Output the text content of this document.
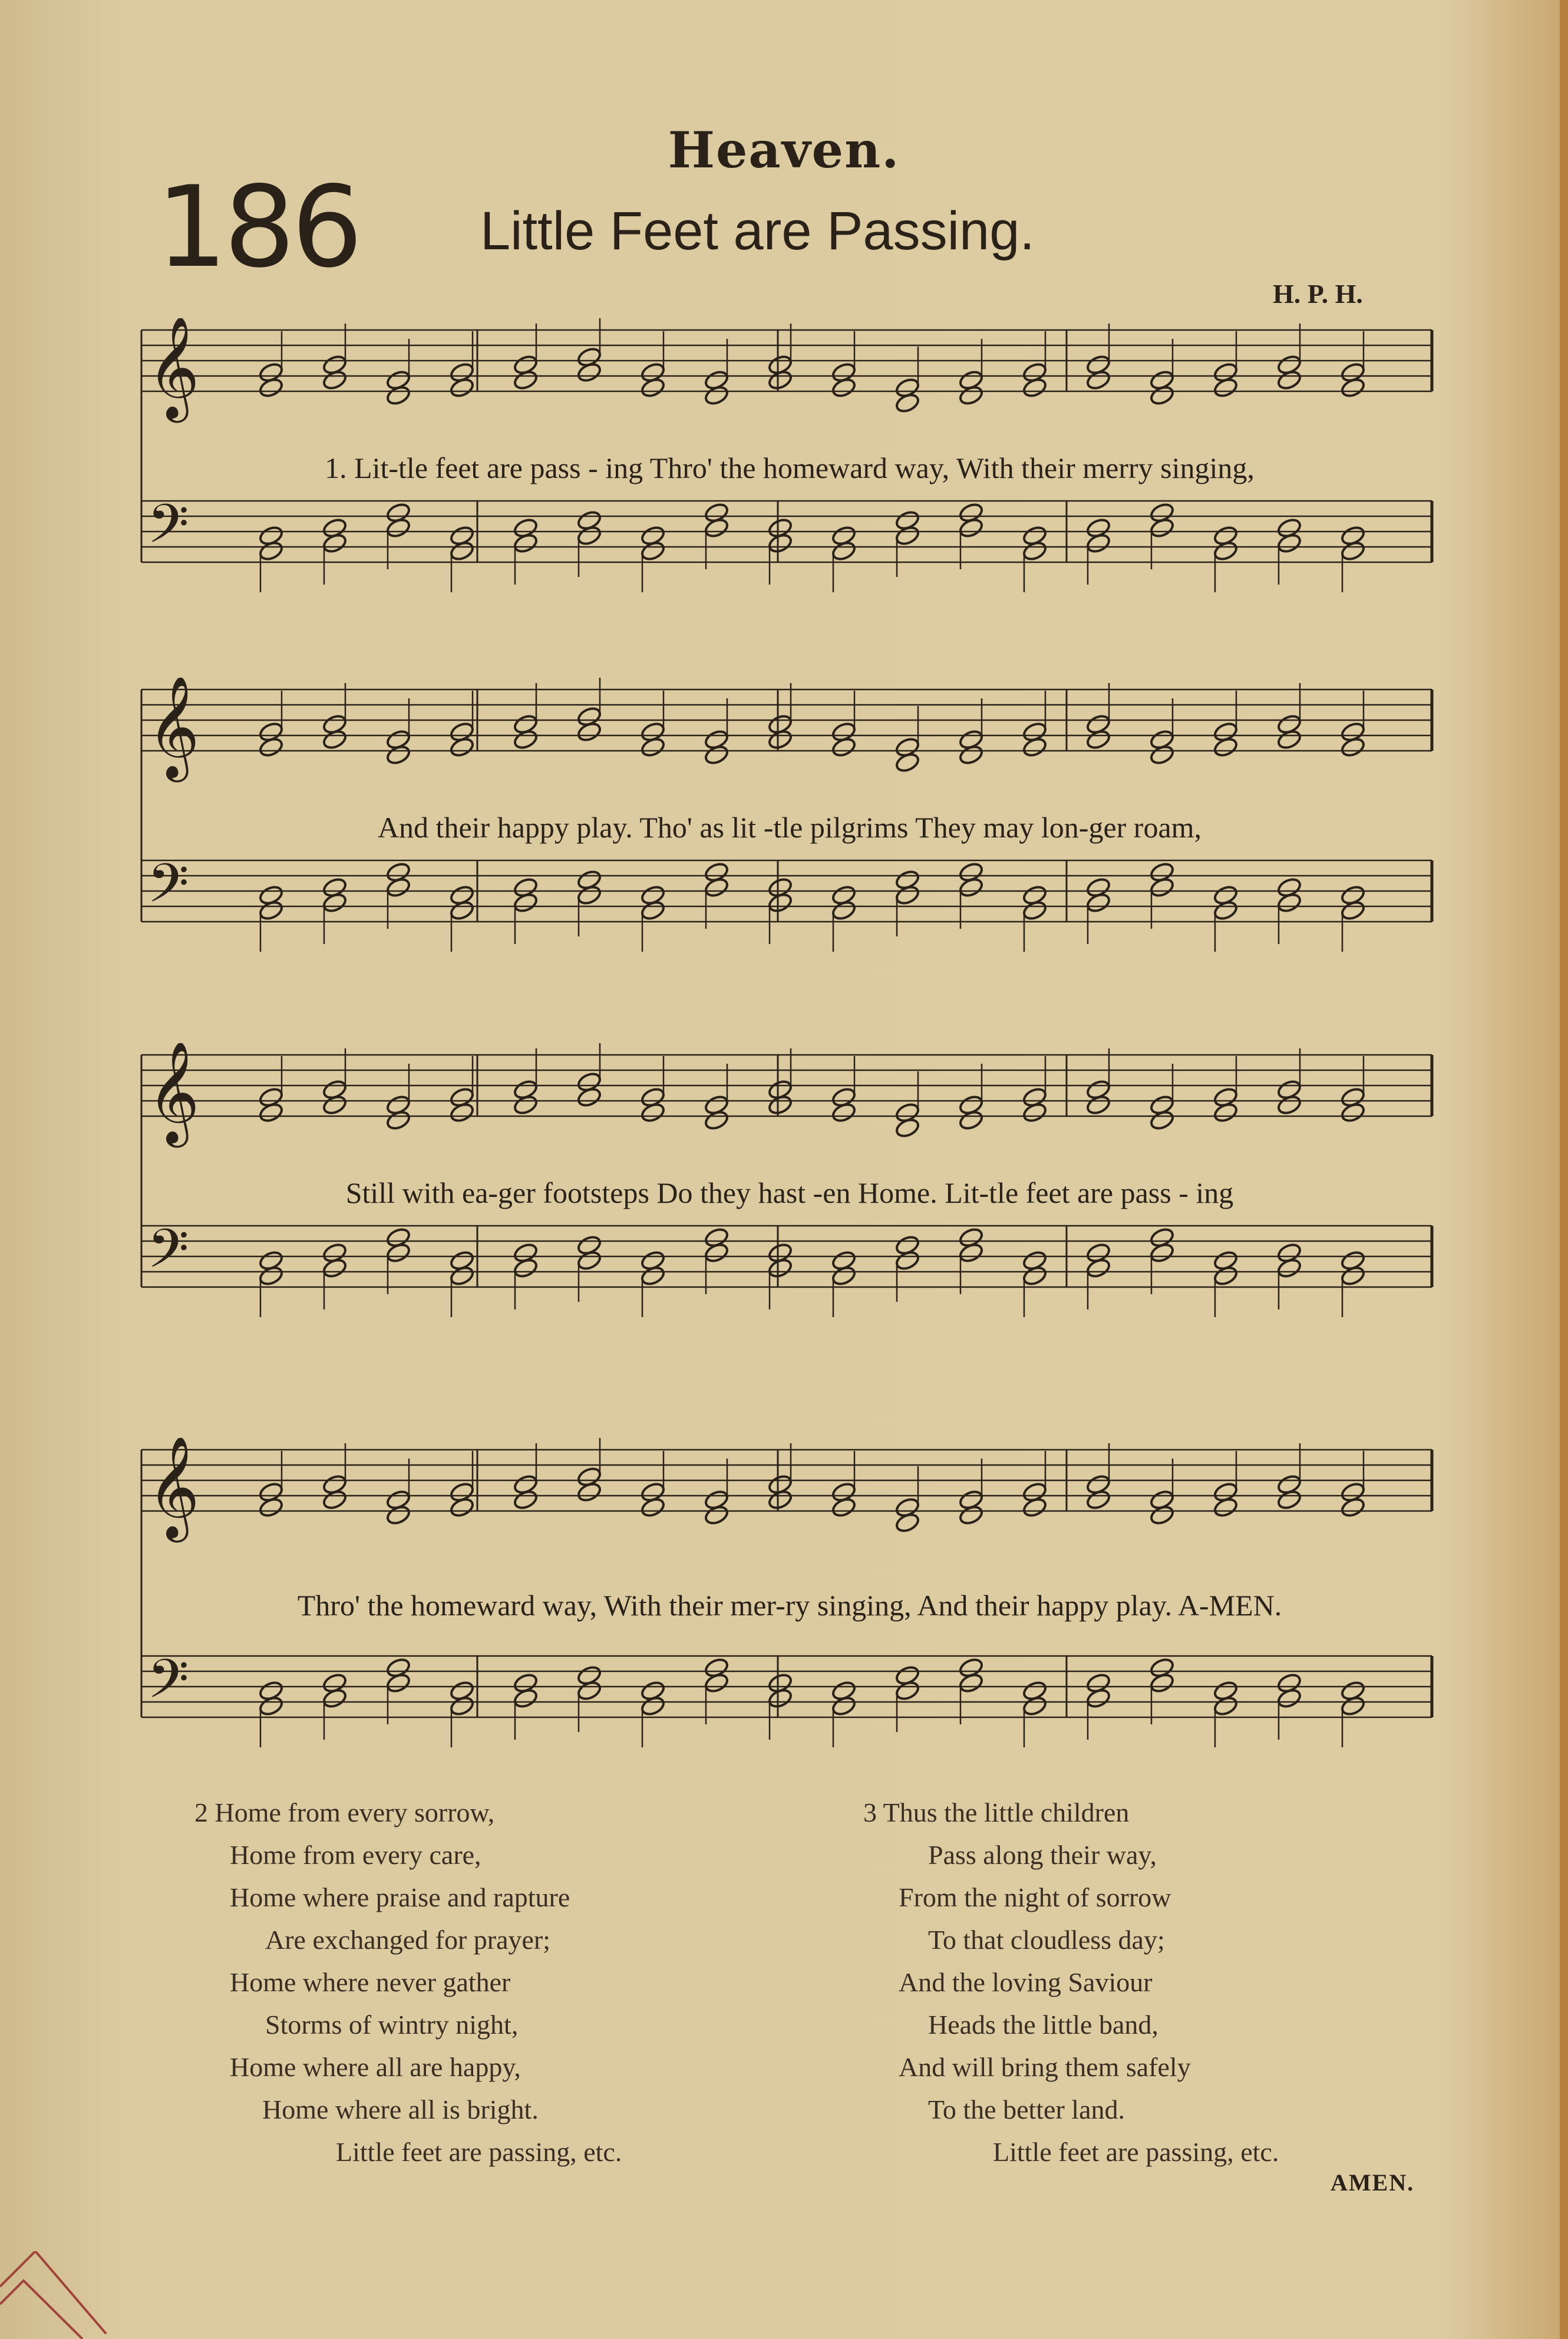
Heaven.
186 Little Feet are Passing.
H. P. H.
𝄞
𝄢
1. Lit-tle feet are pass - ing Thro' the homeward way, With their merry singing,
𝄞
𝄢
And their happy play. Tho' as lit -tle pilgrims They may lon-ger roam,
𝄞
𝄢
Still with ea-ger footsteps Do they hast -en Home. Lit-tle feet are pass - ing
𝄞
𝄢
Thro' the homeward way, With their mer-ry singing, And their happy play. A-MEN.
2 Home from every sorrow,
Home from every care,
Home where praise and rapture
Are exchanged for prayer;
Home where never gather
Storms of wintry night,
Home where all are happy,
Home where all is bright.
Little feet are passing, etc.
3 Thus the little children
Pass along their way,
From the night of sorrow
To that cloudless day;
And the loving Saviour
Heads the little band,
And will bring them safely
To the better land.
Little feet are passing, etc.
AMEN.
